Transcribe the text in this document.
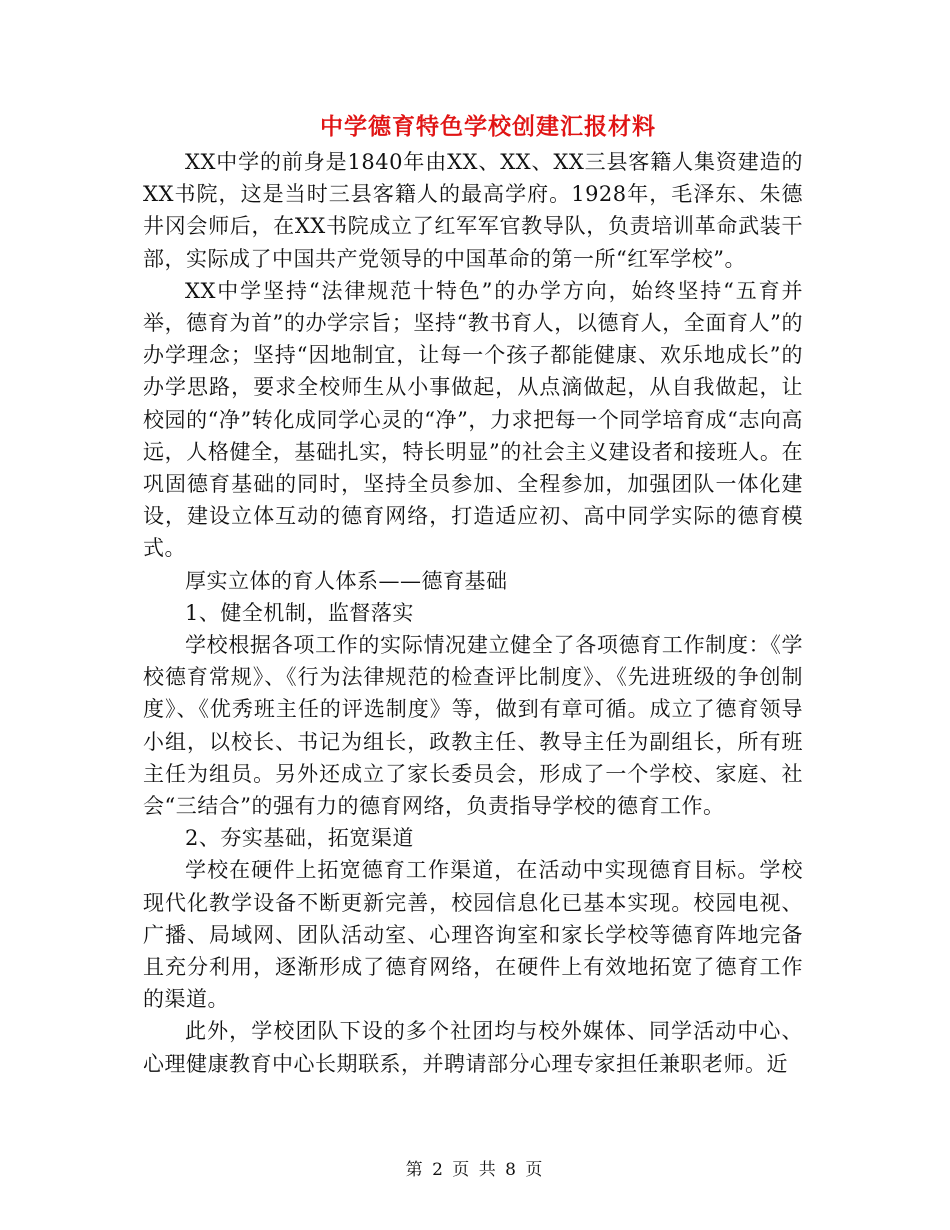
中学德育特色学校创建汇报材料

XX中学的前身是1840年由XX、XX、XX三县客籍人集资建造的XX书院，这是当时三县客籍人的最高学府。1928年，毛泽东、朱德井冈会师后，在XX书院成立了红军军官教导队，负责培训革命武装干部，实际成了中国共产党领导的中国革命的第一所“红军学校”。

XX中学坚持“法律规范十特色”的办学方向，始终坚持“五育并举，德育为首”的办学宗旨；坚持“教书育人，以德育人，全面育人”的办学理念；坚持“因地制宜，让每一个孩子都能健康、欢乐地成长”的办学思路，要求全校师生从小事做起，从点滴做起，从自我做起，让校园的“净”转化成同学心灵的“净”，力求把每一个同学培育成“志向高远，人格健全，基础扎实，特长明显”的社会主义建设者和接班人。在巩固德育基础的同时，坚持全员参加、全程参加，加强团队一体化建设，建设立体互动的德育网络，打造适应初、高中同学实际的德育模式。

厚实立体的育人体系——德育基础

1、健全机制，监督落实

学校根据各项工作的实际情况建立健全了各项德育工作制度：《学校德育常规》、《行为法律规范的检查评比制度》、《先进班级的争创制度》、《优秀班主任的评选制度》等，做到有章可循。成立了德育领导小组，以校长、书记为组长，政教主任、教导主任为副组长，所有班主任为组员。另外还成立了家长委员会，形成了一个学校、家庭、社会“三结合”的强有力的德育网络，负责指导学校的德育工作。

2、夯实基础，拓宽渠道

学校在硬件上拓宽德育工作渠道，在活动中实现德育目标。学校现代化教学设备不断更新完善，校园信息化已基本实现。校园电视、广播、局域网、团队活动室、心理咨询室和家长学校等德育阵地完备且充分利用，逐渐形成了德育网络，在硬件上有效地拓宽了德育工作的渠道。

此外，学校团队下设的多个社团均与校外媒体、同学活动中心、心理健康教育中心长期联系，并聘请部分心理专家担任兼职老师。近

第 2 页 共 8 页
